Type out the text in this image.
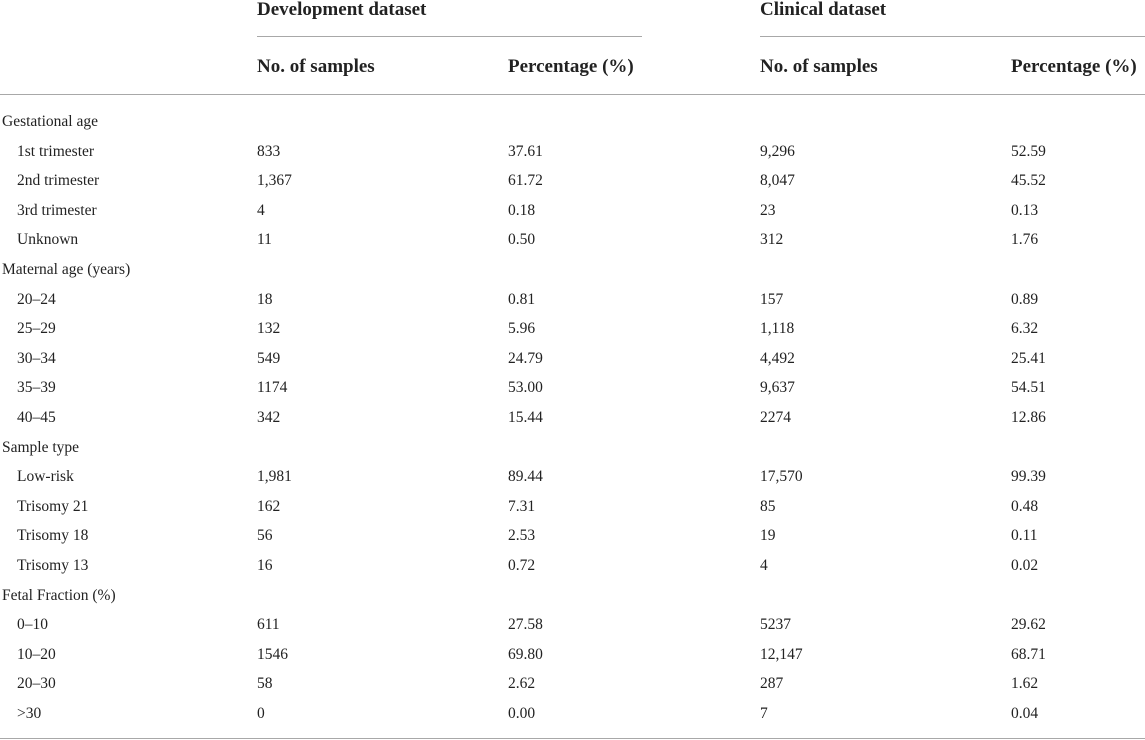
Development dataset	Clinical dataset
No. of samples	Percentage (%)	No. of samples	Percentage (%)
Gestational age
1st trimester	833	37.61	9,296	52.59
2nd trimester	1,367	61.72	8,047	45.52
3rd trimester	4	0.18	23	0.13
Unknown	11	0.50	312	1.76
Maternal age (years)
20–24	18	0.81	157	0.89
25–29	132	5.96	1,118	6.32
30–34	549	24.79	4,492	25.41
35–39	1174	53.00	9,637	54.51
40–45	342	15.44	2274	12.86
Sample type
Low-risk	1,981	89.44	17,570	99.39
Trisomy 21	162	7.31	85	0.48
Trisomy 18	56	2.53	19	0.11
Trisomy 13	16	0.72	4	0.02
Fetal Fraction (%)
0–10	611	27.58	5237	29.62
10–20	1546	69.80	12,147	68.71
20–30	58	2.62	287	1.62
>30	0	0.00	7	0.04
